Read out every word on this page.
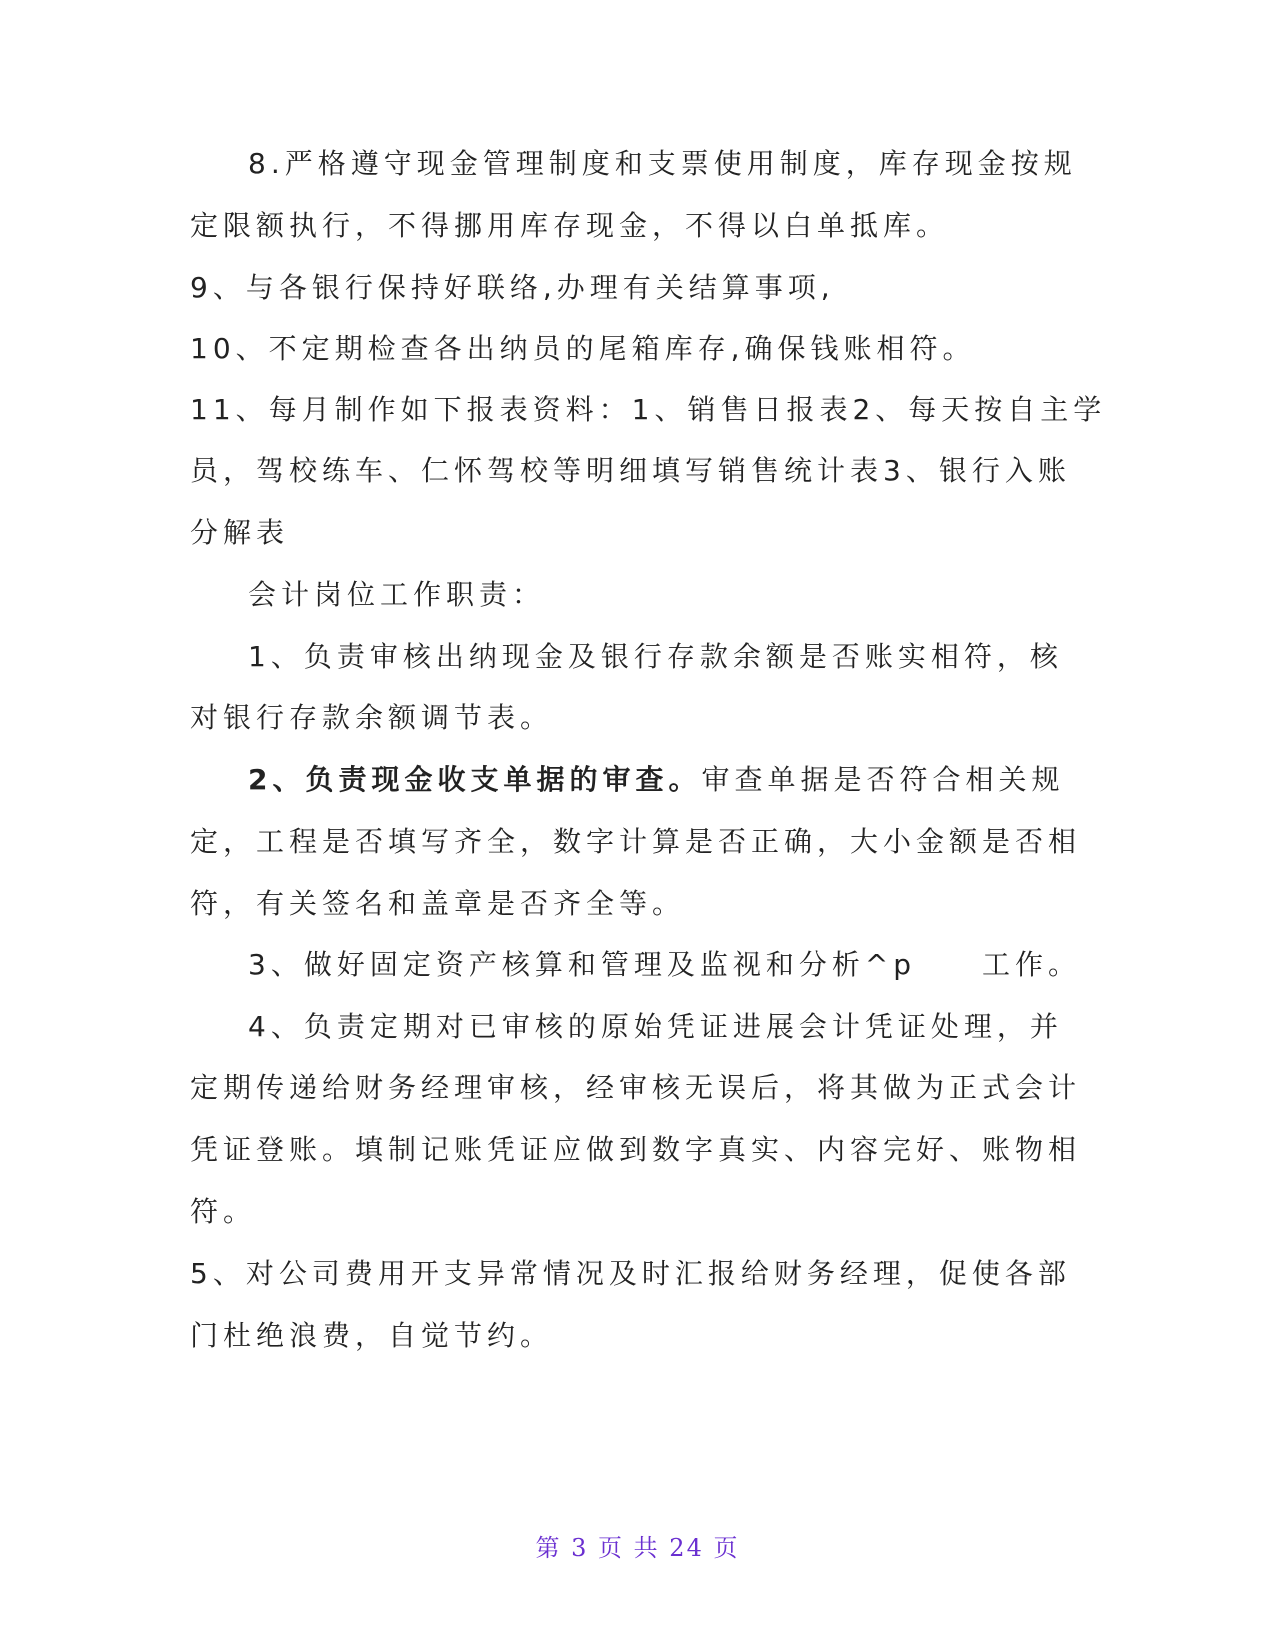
8.严格遵守现金管理制度和支票使用制度，库存现金按规
定限额执行，不得挪用库存现金，不得以白单抵库。
9、与各银行保持好联络,办理有关结算事项,
10、不定期检查各出纳员的尾箱库存,确保钱账相符。
11、每月制作如下报表资料：1、销售日报表2、每天按自主学
员，驾校练车、仁怀驾校等明细填写销售统计表3、银行入账
分解表
会计岗位工作职责：
1、负责审核出纳现金及银行存款余额是否账实相符，核
对银行存款余额调节表。
2、负责现金收支单据的审查。审查单据是否符合相关规
定，工程是否填写齐全，数字计算是否正确，大小金额是否相
符，有关签名和盖章是否齐全等。
3、做好固定资产核算和管理及监视和分析^p　　工作。
4、负责定期对已审核的原始凭证进展会计凭证处理，并
定期传递给财务经理审核，经审核无误后，将其做为正式会计
凭证登账。填制记账凭证应做到数字真实、内容完好、账物相
符。
5、对公司费用开支异常情况及时汇报给财务经理，促使各部
门杜绝浪费，自觉节约。
第 3 页 共 24 页
